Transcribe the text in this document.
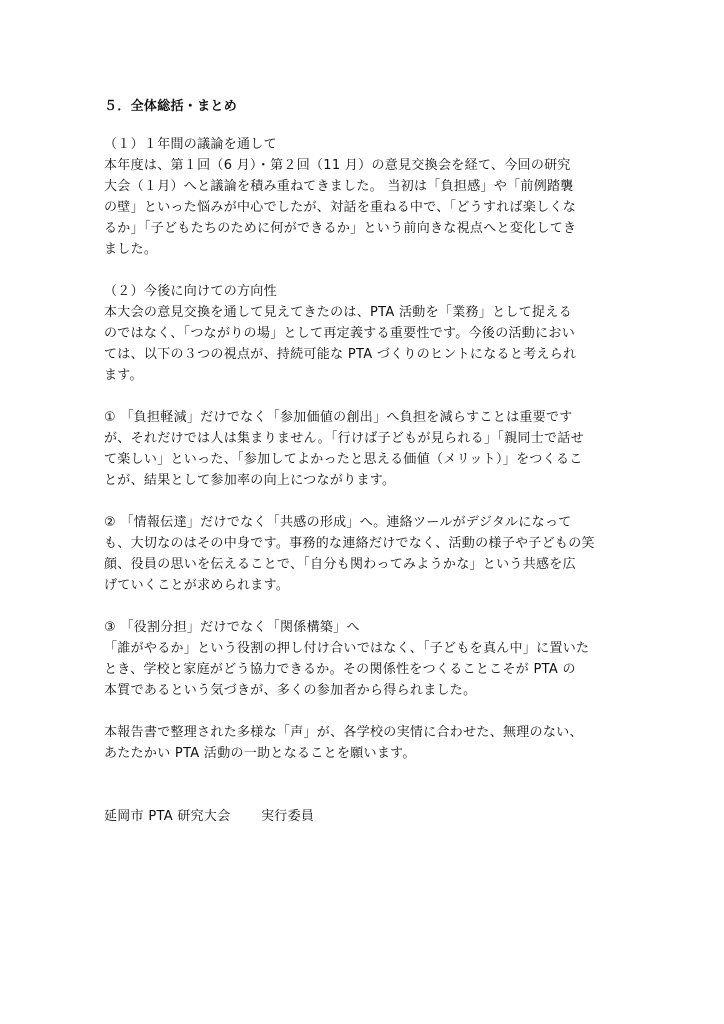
５．全体総括・まとめ
（１）１年間の議論を通して
本年度は、第１回（6 月）・第２回（11 月）の意見交換会を経て、今回の研究
大会（１月）へと議論を積み重ねてきました。 当初は「負担感」や「前例踏襲
の壁」といった悩みが中心でしたが、対話を重ねる中で、「どうすれば楽しくな
るか」「子どもたちのために何ができるか」という前向きな視点へと変化してき
ました。
（２）今後に向けての方向性
本大会の意見交換を通して見えてきたのは、PTA 活動を「業務」として捉える
のではなく、「つながりの場」として再定義する重要性です。今後の活動におい
ては、以下の３つの視点が、持続可能な PTA づくりのヒントになると考えられ
ます。
① 「負担軽減」だけでなく「参加価値の創出」へ負担を減らすことは重要です
が、それだけでは人は集まりません。「行けば子どもが見られる」「親同士で話せ
て楽しい」といった、「参加してよかったと思える価値（メリット）」をつくるこ
とが、結果として参加率の向上につながります。
② 「情報伝達」だけでなく「共感の形成」へ。連絡ツールがデジタルになって
も、大切なのはその中身です。事務的な連絡だけでなく、活動の様子や子どもの笑
顔、役員の思いを伝えることで、「自分も関わってみようかな」という共感を広
げていくことが求められます。
③ 「役割分担」だけでなく「関係構築」へ
「誰がやるか」という役割の押し付け合いではなく、「子どもを真ん中」に置いた
とき、学校と家庭がどう協力できるか。その関係性をつくることこそが PTA の
本質であるという気づきが、多くの参加者から得られました。
本報告書で整理された多様な「声」が、各学校の実情に合わせた、無理のない、
あたたかい PTA 活動の一助となることを願います。
延岡市 PTA 研究大会 実行委員
